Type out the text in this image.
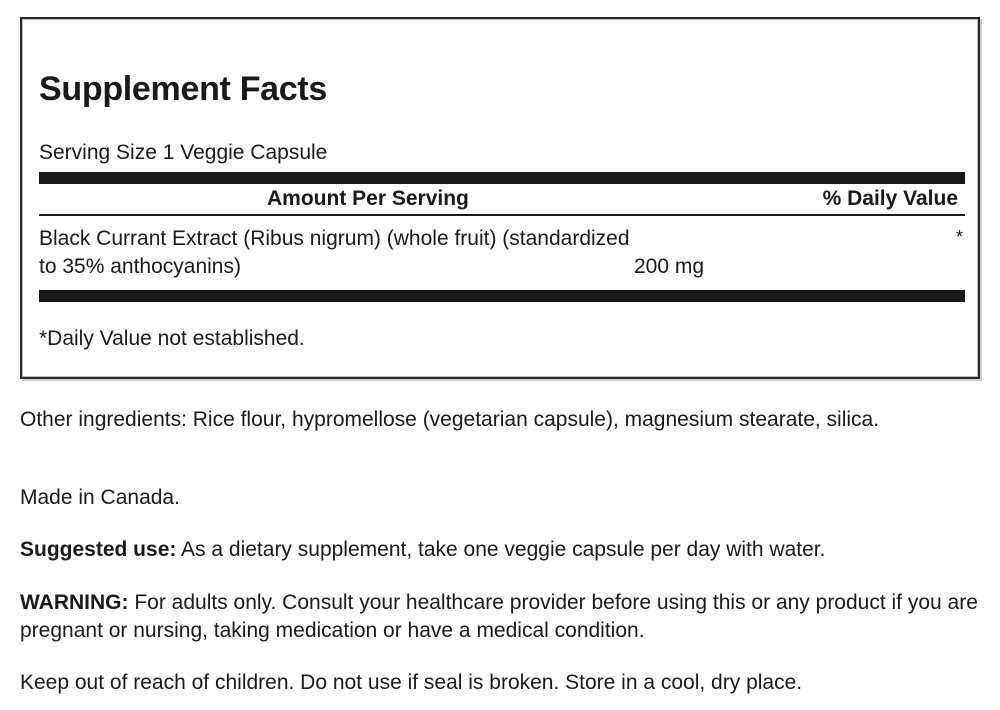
Supplement Facts
Serving Size 1 Veggie Capsule
Amount Per Serving	% Daily Value
Black Currant Extract (Ribus nigrum) (whole fruit) (standardized
to 35% anthocyanins)	200 mg
*
*Daily Value not established.

Other ingredients: Rice flour, hypromellose (vegetarian capsule), magnesium stearate, silica.

Made in Canada.

Suggested use: As a dietary supplement, take one veggie capsule per day with water.

WARNING: For adults only. Consult your healthcare provider before using this or any product if you are pregnant or nursing, taking medication or have a medical condition.

Keep out of reach of children. Do not use if seal is broken. Store in a cool, dry place.
